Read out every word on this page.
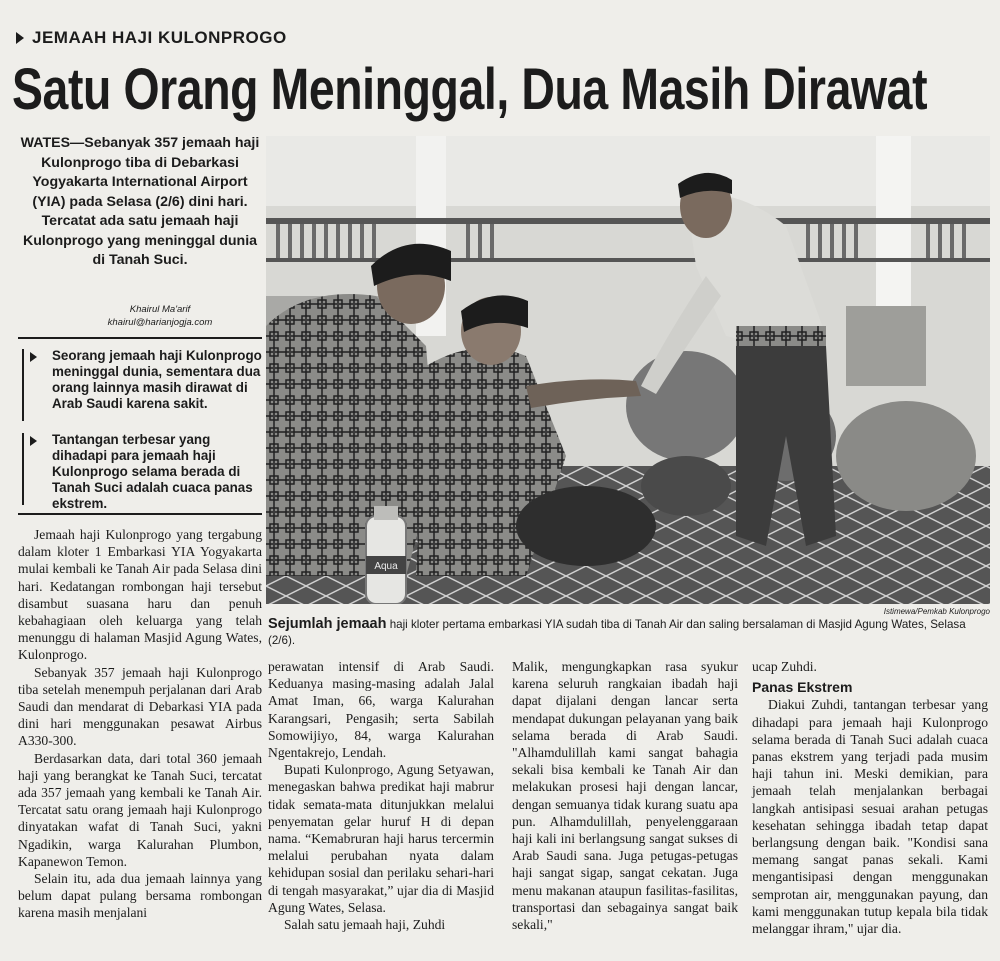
JEMAAH HAJI KULONPROGO
Satu Orang Meninggal, Dua Masih Dirawat
WATES—Sebanyak 357 jemaah haji Kulonprogo tiba di Debarkasi Yogyakarta International Airport (YIA) pada Selasa (2/6) dini hari. Tercatat ada satu jemaah haji Kulonprogo yang meninggal dunia di Tanah Suci.
Khairul Ma'arif
khairul@harianjogja.com
Seorang jemaah haji Kulonprogo meninggal dunia, sementara dua orang lainnya masih dirawat di Arab Saudi karena sakit.
Tantangan terbesar yang dihadapi para jemaah haji Kulonprogo selama berada di Tanah Suci adalah cuaca panas ekstrem.
Aqua
Istimewa/Pemkab Kulonprogo
Sejumlah jemaah haji kloter pertama embarkasi YIA sudah tiba di Tanah Air dan saling bersalaman di Masjid Agung Wates, Selasa (2/6).

Jemaah haji Kulonprogo yang tergabung dalam kloter 1 Embarkasi YIA Yogyakarta mulai kembali ke Tanah Air pada Selasa dini hari. Kedatangan rombongan haji tersebut disambut suasana haru dan penuh kebahagiaan oleh keluarga yang telah menunggu di halaman Masjid Agung Wates, Kulonprogo.

Sebanyak 357 jemaah haji Kulonprogo tiba setelah menempuh perjalanan dari Arab Saudi dan mendarat di Debarkasi YIA pada dini hari menggunakan pesawat Airbus A330-300.

Berdasarkan data, dari total 360 jemaah haji yang berangkat ke Tanah Suci, tercatat ada 357 jemaah yang kembali ke Tanah Air. Tercatat satu orang jemaah haji Kulonprogo dinyatakan wafat di Tanah Suci, yakni Ngadikin, warga Kalurahan Plumbon, Kapanewon Temon.

Selain itu, ada dua jemaah lainnya yang belum dapat pulang bersama rombongan karena masih menjalani

perawatan intensif di Arab Saudi. Keduanya masing-masing adalah Jalal Amat Iman, 66, warga Kalurahan Karangsari, Pengasih; serta Sabilah Somowijiyo, 84, warga Kalurahan Ngentakrejo, Lendah.

Bupati Kulonprogo, Agung Setyawan, menegaskan bahwa predikat haji mabrur tidak semata-mata ditunjukkan melalui penyematan gelar huruf H di depan nama. “Kemabruran haji harus tercermin melalui perubahan nyata dalam kehidupan sosial dan perilaku sehari-hari di tengah masyarakat,” ujar dia di Masjid Agung Wates, Selasa.

Salah satu jemaah haji, Zuhdi

Malik, mengungkapkan rasa syukur karena seluruh rangkaian ibadah haji dapat dijalani dengan lancar serta mendapat dukungan pelayanan yang baik selama berada di Arab Saudi. "Alhamdulillah kami sangat bahagia sekali bisa kembali ke Tanah Air dan melakukan prosesi haji dengan lancar, dengan semuanya tidak kurang suatu apa pun. Alhamdulillah, penyelenggaraan haji kali ini berlangsung sangat sukses di Arab Saudi sana. Juga petugas-petugas haji sangat sigap, sangat cekatan. Juga menu makanan ataupun fasilitas-fasilitas, transportasi dan sebagainya sangat baik sekali,"

ucap Zuhdi.

Panas Ekstrem

Diakui Zuhdi, tantangan terbesar yang dihadapi para jemaah haji Kulonprogo selama berada di Tanah Suci adalah cuaca panas ekstrem yang terjadi pada musim haji tahun ini. Meski demikian, para jemaah telah menjalankan berbagai langkah antisipasi sesuai arahan petugas kesehatan sehingga ibadah tetap dapat berlangsung dengan baik. "Kondisi sana memang sangat panas sekali. Kami mengantisipasi dengan menggunakan semprotan air, menggunakan payung, dan kami menggunakan tutup kepala bila tidak melanggar ihram," ujar dia.
